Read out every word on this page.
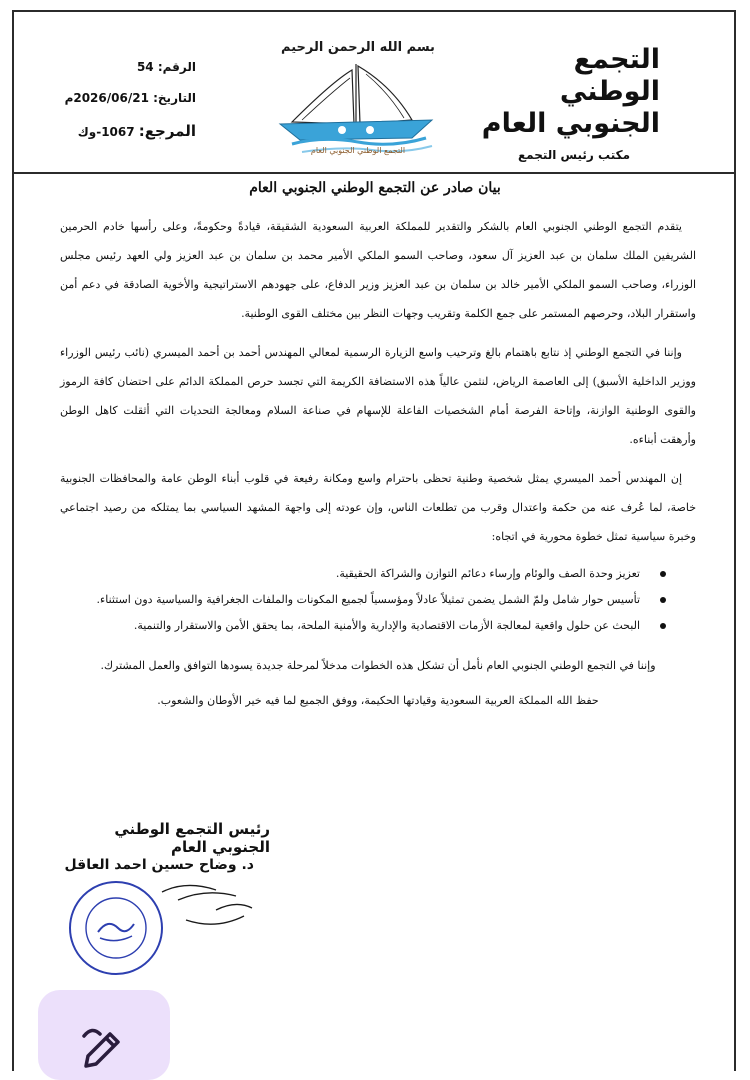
التجمع الوطني
الجنوبي العام
مكتب رئيس التجمع
بسم الله الرحمن الرحيم
التجمع الوطني الجنوبي العام
الرقم: 54
التاريخ: 2026/06/21م
المرجع: 1067-وك
بيان صادر عن التجمع الوطني الجنوبي العام

يتقدم التجمع الوطني الجنوبي العام بالشكر والتقدير للمملكة العربية السعودية الشقيقة، قيادةً وحكومةً، وعلى رأسها خادم الحرمين الشريفين الملك سلمان بن عبد العزيز آل سعود، وصاحب السمو الملكي الأمير محمد بن سلمان بن عبد العزيز ولي العهد رئيس مجلس الوزراء، وصاحب السمو الملكي الأمير خالد بن سلمان بن عبد العزيز وزير الدفاع، على جهودهم الاستراتيجية والأخوية الصادقة في دعم أمن واستقرار البلاد، وحرصهم المستمر على جمع الكلمة وتقريب وجهات النظر بين مختلف القوى الوطنية.

وإننا في التجمع الوطني إذ نتابع باهتمام بالغ وترحيب واسع الزيارة الرسمية لمعالي المهندس أحمد بن أحمد الميسري (نائب رئيس الوزراء ووزير الداخلية الأسبق) إلى العاصمة الرياض، لنثمن عالياً هذه الاستضافة الكريمة التي تجسد حرص المملكة الدائم على احتضان كافة الرموز والقوى الوطنية الوازنة، وإتاحة الفرصة أمام الشخصيات الفاعلة للإسهام في صناعة السلام ومعالجة التحديات التي أثقلت كاهل الوطن وأرهقت أبناءه.

إن المهندس أحمد الميسري يمثل شخصية وطنية تحظى باحترام واسع ومكانة رفيعة في قلوب أبناء الوطن عامة والمحافظات الجنوبية خاصة، لما عُرف عنه من حكمة واعتدال وقرب من تطلعات الناس، وإن عودته إلى واجهة المشهد السياسي بما يمتلكه من رصيد اجتماعي وخبرة سياسية تمثل خطوة محورية في اتجاه:

تعزيز وحدة الصف والوئام وإرساء دعائم التوازن والشراكة الحقيقية.
تأسيس حوار شامل ولمّ الشمل يضمن تمثيلاً عادلاً ومؤسسياً لجميع المكونات والملفات الجغرافية والسياسية دون استثناء.
البحث عن حلول واقعية لمعالجة الأزمات الاقتصادية والإدارية والأمنية الملحة، بما يحقق الأمن والاستقرار والتنمية.

وإننا في التجمع الوطني الجنوبي العام نأمل أن تشكل هذه الخطوات مدخلاً لمرحلة جديدة يسودها التوافق والعمل المشترك.

حفظ الله المملكة العربية السعودية وقيادتها الحكيمة، ووفق الجميع لما فيه خير الأوطان والشعوب.

رئيس التجمع الوطني الجنوبي العام
د. وضاح حسين احمد العاقل
